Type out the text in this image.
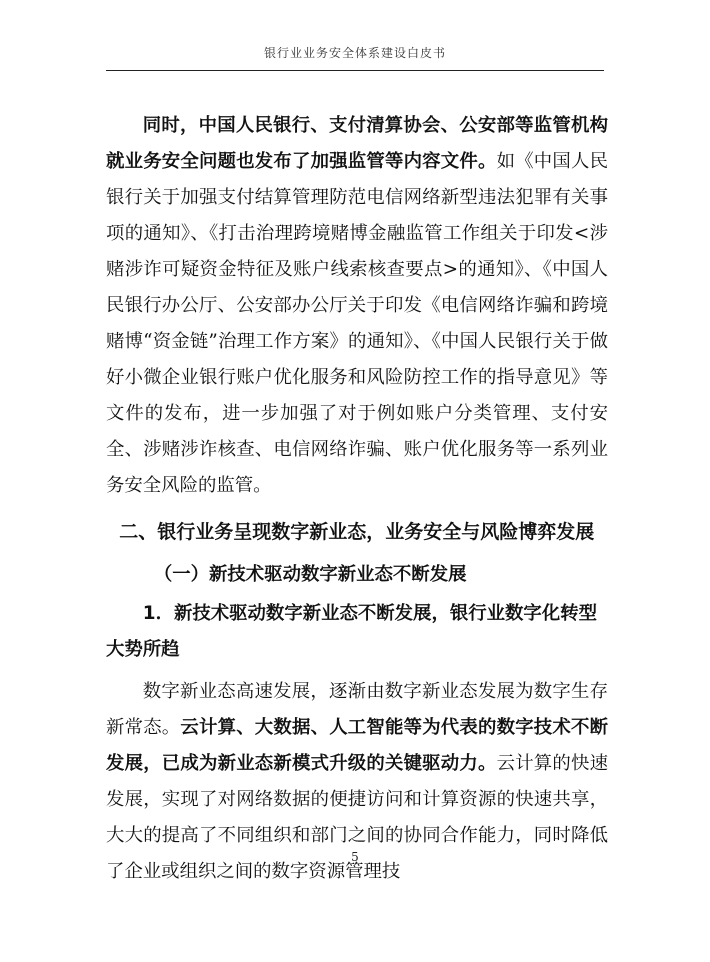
银行业业务安全体系建设白皮书

同时，中国人民银行、支付清算协会、公安部等监管机构就业务安全问题也发布了加强监管等内容文件。如《中国人民银行关于加强支付结算管理防范电信网络新型违法犯罪有关事项的通知》、《打击治理跨境赌博金融监管工作组关于印发<涉赌涉诈可疑资金特征及账户线索核查要点>的通知》、《中国人民银行办公厅、公安部办公厅关于印发《电信网络诈骗和跨境赌博“资金链”治理工作方案》的通知》、《中国人民银行关于做好小微企业银行账户优化服务和风险防控工作的指导意见》等文件的发布，进一步加强了对于例如账户分类管理、支付安全、涉赌涉诈核查、电信网络诈骗、账户优化服务等一系列业务安全风险的监管。

二、银行业务呈现数字新业态，业务安全与风险博弈发展

（一）新技术驱动数字新业态不断发展

1．新技术驱动数字新业态不断发展，银行业数字化转型大势所趋

数字新业态高速发展，逐渐由数字新业态发展为数字生存新常态。云计算、大数据、人工智能等为代表的数字技术不断发展，已成为新业态新模式升级的关键驱动力。云计算的快速发展，实现了对网络数据的便捷访问和计算资源的快速共享，大大的提高了不同组织和部门之间的协同合作能力，同时降低了企业或组织之间的数字资源管理技

5
